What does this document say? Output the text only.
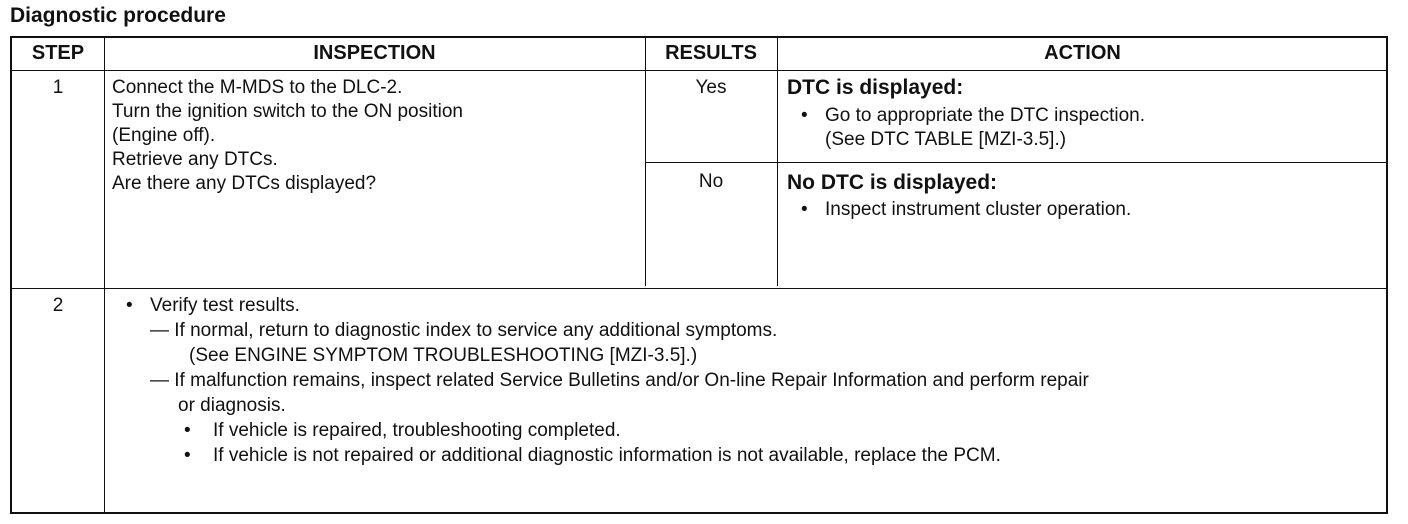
Diagnostic procedure
STEP	INSPECTION	RESULTS	ACTION
1	Connect the M-MDS to the DLC-2.
Turn the ignition switch to the ON position
(Engine off).
Retrieve any DTCs.
Are there any DTCs displayed?
Yes	DTC is displayed:
• Go to appropriate the DTC inspection.
(See DTC TABLE [MZI-3.5].)
No	No DTC is displayed:
• Inspect instrument cluster operation.
2
•	Verify test results.
— If normal, return to diagnostic index to service any additional symptoms.
(See ENGINE SYMPTOM TROUBLESHOOTING [MZI-3.5].)
— If malfunction remains, inspect related Service Bulletins and/or On-line Repair Information and perform repair
or diagnosis.
• If vehicle is repaired, troubleshooting completed.
• If vehicle is not repaired or additional diagnostic information is not available, replace the PCM.
